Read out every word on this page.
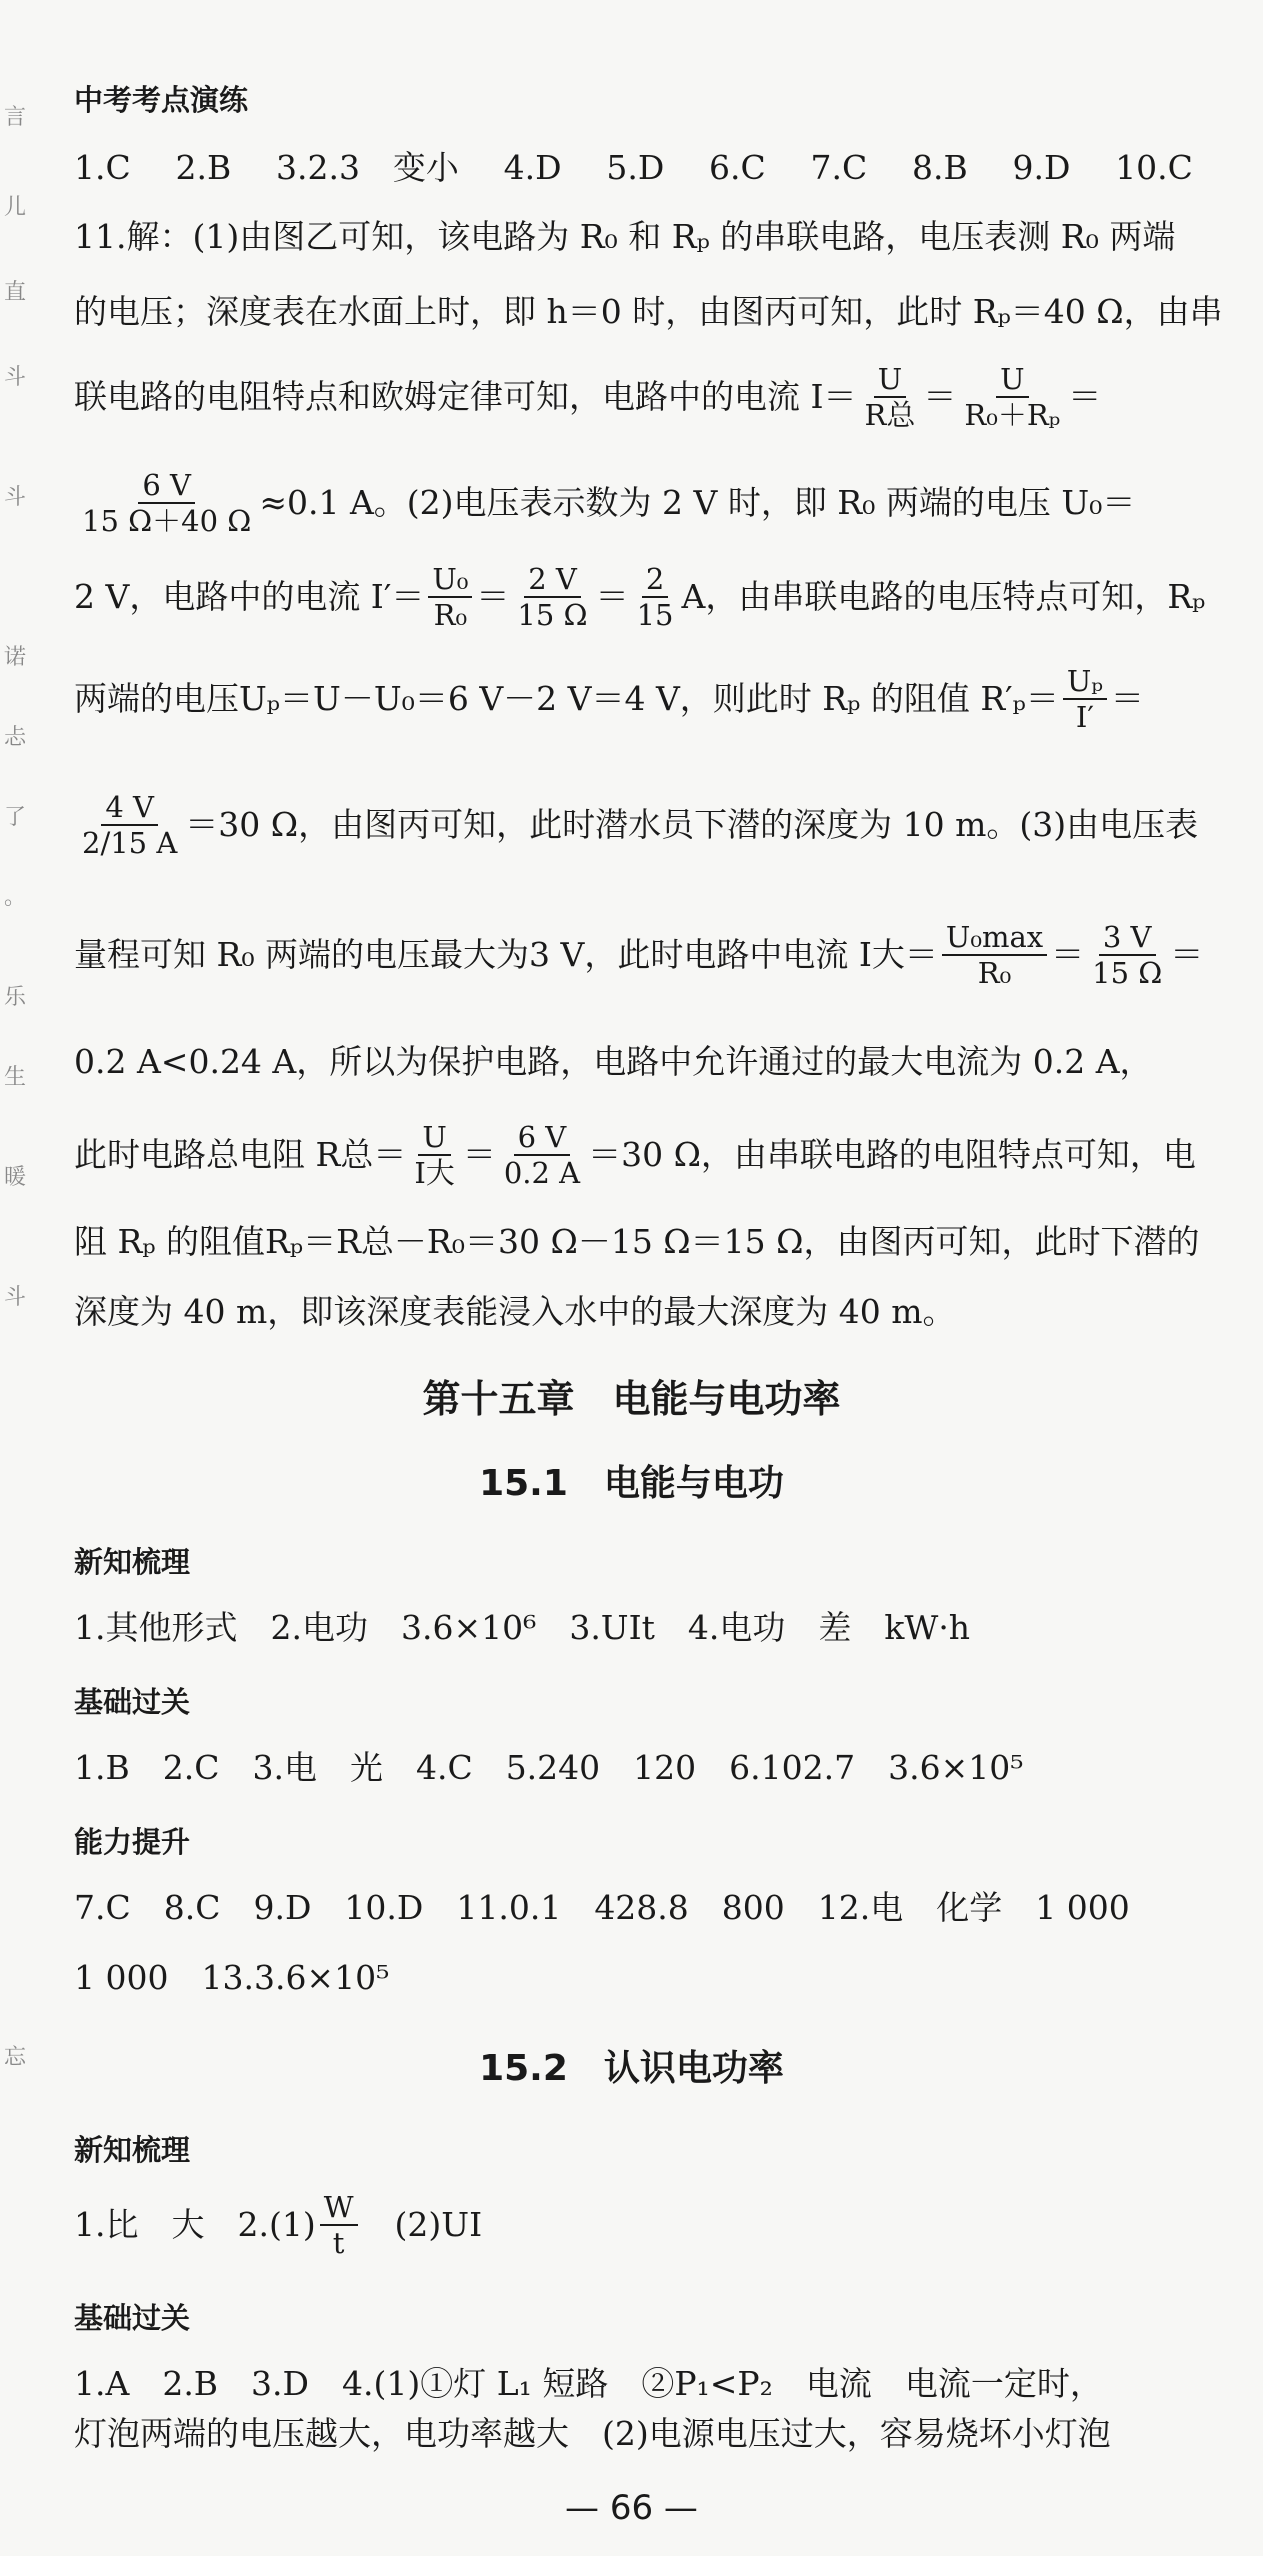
言
儿
直
斗
斗
诺
忐
了
。
乐
生
暖
斗
忘
中考考点演练
1.C 2.B 3.2.3　变小 4.D 5.D 6.C 7.C 8.B 9.D 10.C
11.解：(1)由图乙可知，该电路为 R₀ 和 Rₚ 的串联电路，电压表测 R₀ 两端
的电压；深度表在水面上时，即 h＝0 时，由图丙可知，此时 Rₚ＝40 Ω，由串
联电路的电阻特点和欧姆定律可知，电路中的电流 $I= \frac{U}{\text{R总}} = \frac{U}{\text{R₀＋Rₚ}}$ ＝
$\frac{6 V}{15 \Omega+40 \Omega} \approx 0.1$ A。(2)电压表示数为 2 V 时，即 R₀ 两端的电压 U₀＝
2 V，电路中的电流 $I'= \frac{\text{U₀}}{\text{R₀}} = \frac{2 V}{15 \Omega} = \frac{2}{15}$ A，由串联电路的电压特点可知，Rₚ
两端的电压Uₚ＝U－U₀＝6 V－2 V＝4 V，则此时 Rₚ 的阻值 $R'_p= \frac{\text{Uₚ}}{I'}$ ＝
$\frac{4 V}{2/15 A} =30$ Ω，由图丙可知，此时潜水员下潜的深度为 10 m。(3)由电压表
量程可知 R₀ 两端的电压最大为3 V，此时电路中电流 I大＝ $\frac{\text{U₀max}}{\text{R₀}} = \frac{3 V}{15 \Omega}$ ＝
0.2 A<0.24 A，所以为保护电路，电路中允许通过的最大电流为 0.2 A，
此时电路总电阻 R总＝ $\frac{U}{\text{I大}} = \frac{6 V}{0.2 A} =30$ Ω，由串联电路的电阻特点可知，电
阻 Rₚ 的阻值Rₚ＝R总－R₀＝30 Ω－15 Ω＝15 Ω，由图丙可知，此时下潜的
深度为 40 m，即该深度表能浸入水中的最大深度为 40 m。
第十五章　电能与电功率
15.1　电能与电功
新知梳理
1.其他形式　2.电功　3.6×10⁶　3.UIt　4.电功　差　kW·h
基础过关
1.B　2.C　3.电　光　4.C　5.240　120　6.102.7　3.6×10⁵
能力提升
7.C　8.C　9.D　10.D　11.0.1　428.8　800　12.电　化学　1 000
1 000　13.3.6×10⁵
15.2　认识电功率
新知梳理
1.比　大　$2.(1) \frac{W}{t}$ 　(2)UI
基础过关
1.A　2.B　3.D　4.(1)①灯 L₁ 短路　②P₁<P₂　电流　电流一定时，
灯泡两端的电压越大，电功率越大　(2)电源电压过大，容易烧坏小灯泡
— 66 —
